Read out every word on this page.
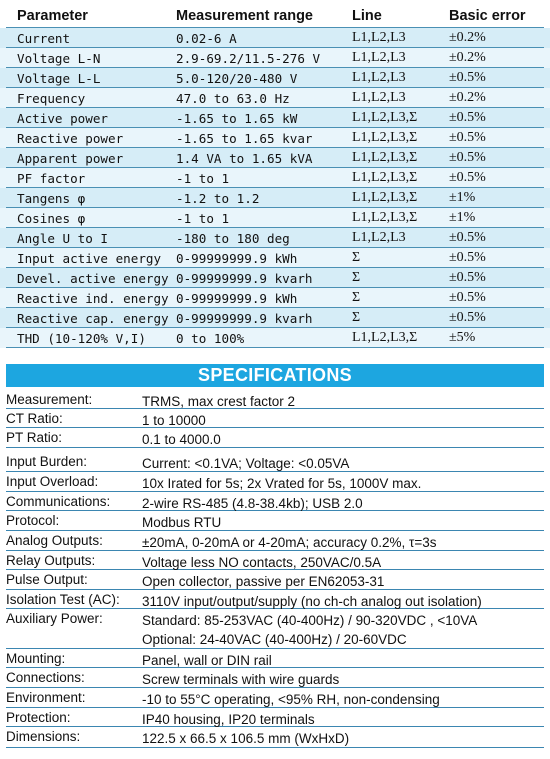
Parameter	Measurement range	Line	Basic error
Current	0.02-6 A	L1,L2,L3	±0.2%
Voltage L-N	2.9-69.2/11.5-276 V L1,L2,L3	±0.2%
Voltage L-L	5.0-120/20-480 V	L1,L2,L3	±0.5%
Frequency	47.0 to 63.0 Hz	L1,L2,L3	±0.2%
Active power	-1.65 to 1.65 kW	L1,L2,L3,Σ ±0.5%
Reactive power	-1.65 to 1.65 kvar	L1,L2,L3,Σ ±0.5%
Apparent power	1.4 VA to 1.65 kVA	L1,L2,L3,Σ ±0.5%
PF factor	-1 to 1	L1,L2,L3,Σ ±0.5%
Tangens φ	-1.2 to 1.2	L1,L2,L3,Σ ±1%
Cosines φ	-1 to 1	L1,L2,L3,Σ ±1%
Angle U to I	-180 to 180 deg	L1,L2,L3	±0.5%
Input active energy 0-99999999.9 kWh	Σ	±0.5%
Devel. active energy 0-99999999.9 kvarh	Σ	±0.5%
Reactive ind. energy 0-99999999.9 kWh	Σ	±0.5%
Reactive cap. energy 0-99999999.9 kvarh	Σ	±0.5%
THD (10-120% V,I) 0 to 100%	L1,L2,L3,Σ ±5%
SPECIFICATIONS
Measurement:	TRMS, max crest factor 2
CT Ratio:	1 to 10000
PT Ratio:	0.1 to 4000.0
Input Burden:	Current: <0.1VA; Voltage: <0.05VA
Input Overload:	10x Irated for 5s; 2x Vrated for 5s, 1000V max.
Communications: 2-wire RS-485 (4.8-38.4kb); USB 2.0
Protocol:	Modbus RTU
Analog Outputs:	±20mA, 0-20mA or 4-20mA; accuracy 0.2%, τ=3s
Relay Outputs:	Voltage less NO contacts, 250VAC/0.5A
Pulse Output:	Open collector, passive per EN62053-31
Isolation Test (AC): 3110V input/output/supply (no ch-ch analog out isolation)
Auxiliary Power:	Standard: 85-253VAC (40-400Hz) / 90-320VDC , <10VA
Optional: 24-40VAC (40-400Hz) / 20-60VDC
Mounting:	Panel, wall or DIN rail
Connections:	Screw terminals with wire guards
Environment:	-10 to 55°C operating, <95% RH, non-condensing
Protection:	IP40 housing, IP20 terminals
Dimensions:	122.5 x 66.5 x 106.5 mm (WxHxD)
